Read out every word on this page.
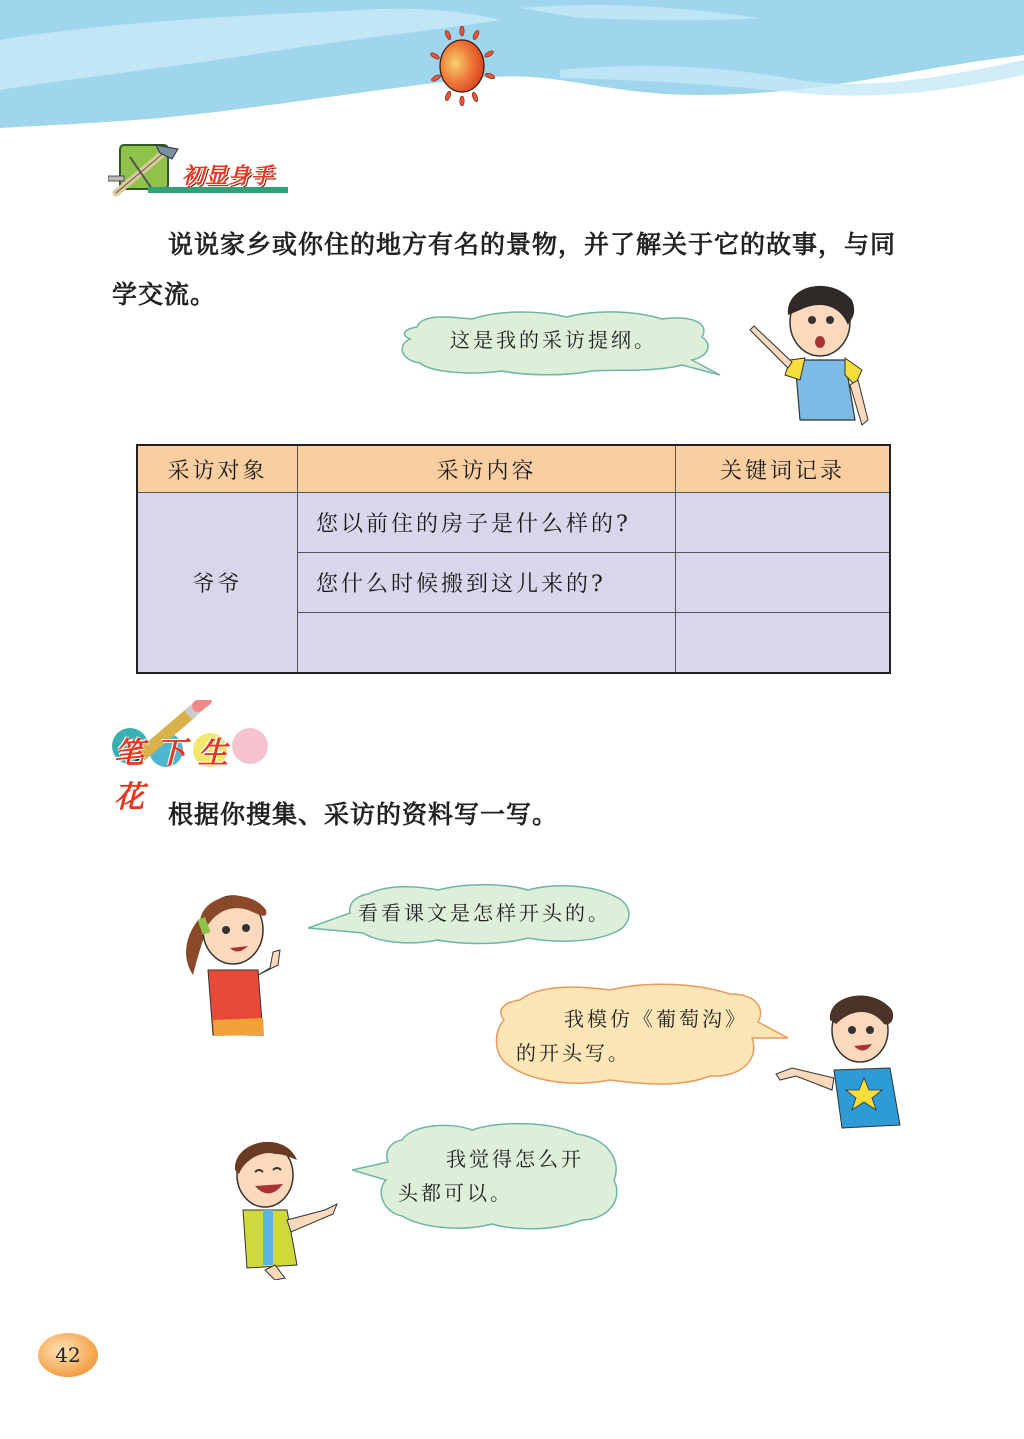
初显身手
说说家乡或你住的地方有名的景物，并了解关于它的故事，与同学交流。
这是我的采访提纲。
采访对象	采访内容	关键词记录
爷爷	您以前住的房子是什么样的?	
	您什么时候搬到这儿来的?	

笔下生花 根据你搜集、采访的资料写一写。
看看课文是怎样开头的。
我模仿《葡萄沟》
的开头写。
我觉得怎么开
头都可以。
42
